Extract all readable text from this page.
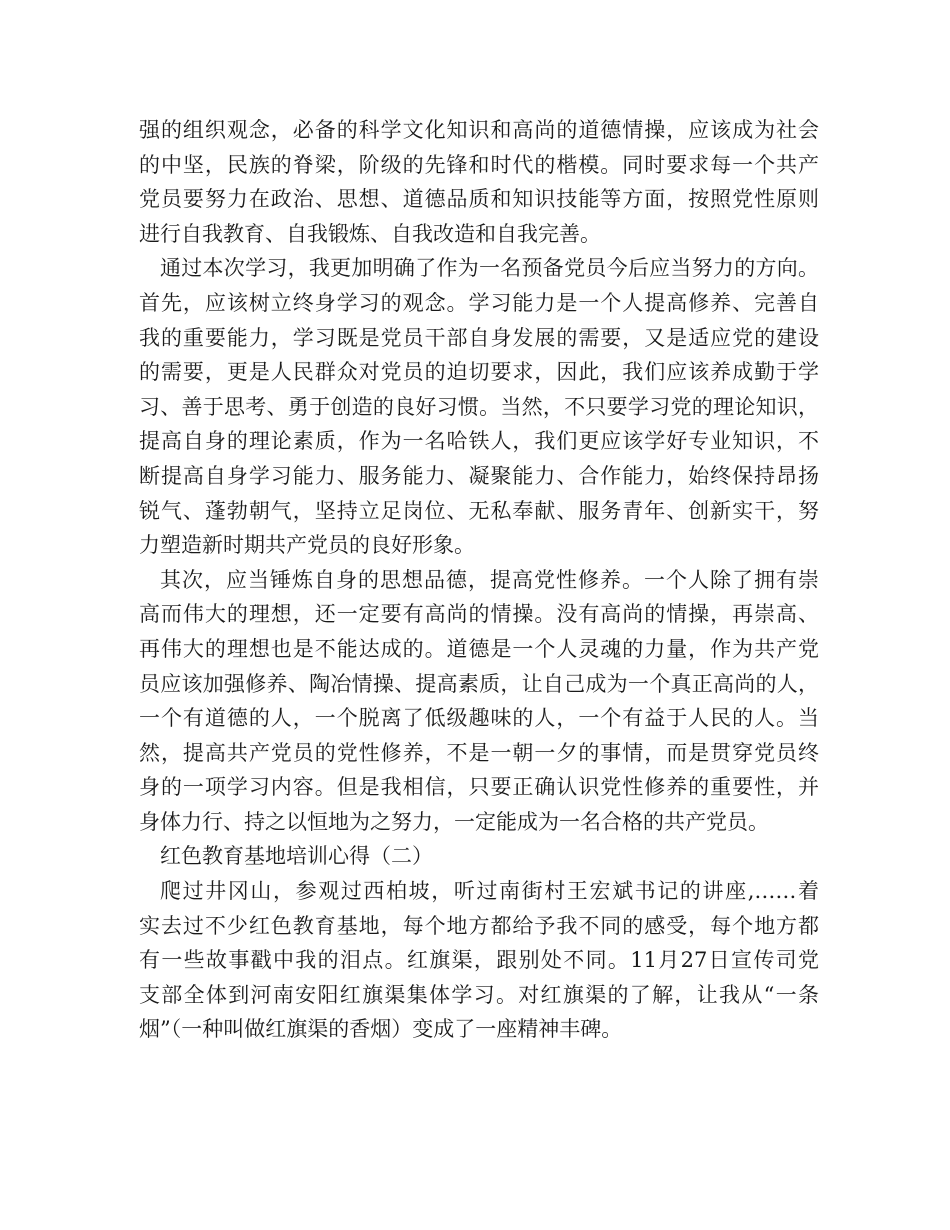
强的组织观念，必备的科学文化知识和高尚的道德情操，应该成为社会
的中坚，民族的脊梁，阶级的先锋和时代的楷模。同时要求每一个共产
党员要努力在政治、思想、道德品质和知识技能等方面，按照党性原则
进行自我教育、自我锻炼、自我改造和自我完善。
通过本次学习，我更加明确了作为一名预备党员今后应当努力的方向。
首先，应该树立终身学习的观念。学习能力是一个人提高修养、完善自
我的重要能力，学习既是党员干部自身发展的需要，又是适应党的建设
的需要，更是人民群众对党员的迫切要求，因此，我们应该养成勤于学
习、善于思考、勇于创造的良好习惯。当然，不只要学习党的理论知识，
提高自身的理论素质，作为一名哈铁人，我们更应该学好专业知识，不
断提高自身学习能力、服务能力、凝聚能力、合作能力，始终保持昂扬
锐气、蓬勃朝气，坚持立足岗位、无私奉献、服务青年、创新实干，努
力塑造新时期共产党员的良好形象。
其次，应当锤炼自身的思想品德，提高党性修养。一个人除了拥有崇
高而伟大的理想，还一定要有高尚的情操。没有高尚的情操，再崇高、
再伟大的理想也是不能达成的。道德是一个人灵魂的力量，作为共产党
员应该加强修养、陶冶情操、提高素质，让自己成为一个真正高尚的人，
一个有道德的人，一个脱离了低级趣味的人，一个有益于人民的人。当
然，提高共产党员的党性修养，不是一朝一夕的事情，而是贯穿党员终
身的一项学习内容。但是我相信，只要正确认识党性修养的重要性，并
身体力行、持之以恒地为之努力，一定能成为一名合格的共产党员。
红色教育基地培训心得（二）
爬过井冈山，参观过西柏坡，听过南街村王宏斌书记的讲座,……着
实去过不少红色教育基地，每个地方都给予我不同的感受，每个地方都
有一些故事戳中我的泪点。红旗渠，跟别处不同。11月27日宣传司党
支部全体到河南安阳红旗渠集体学习。对红旗渠的了解，让我从“一条
烟”（一种叫做红旗渠的香烟）变成了一座精神丰碑。
